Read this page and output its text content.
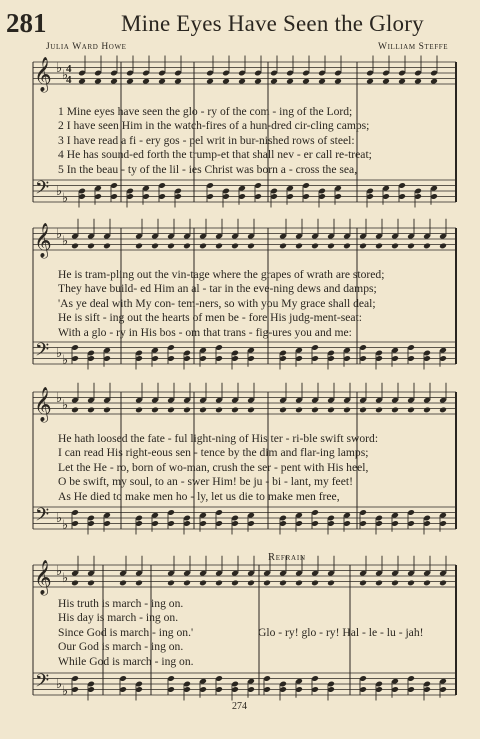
281	Mine Eyes Have Seen the Glory
Julia Ward Howe	William Steffe
𝄞
𝄢
♭ ♭
♭ ♭
4
4
𝄞
𝄢
♭ ♭
♭ ♭
𝄞
𝄢
♭ ♭
♭ ♭
𝄞
𝄢
♭ ♭
♭ ♭
1 Mine eyes have seen the glo - ry of the com - ing of the Lord;
2 I have seen Him in the watch-fires of a hun-dred cir-cling camps;
3 I have read a fi - ery gos - pel writ in bur-nished rows of steel:
4 He has sound-ed forth the trump-et that shall nev - er call re-treat;
5 In the beau - ty of the lil - ies Christ was born a - cross the sea,
He is tram-pling out the vin-tage where the grapes of wrath are stored;
They have build- ed Him an al - tar in the eve-ning dews and damps;
'As ye deal with My con- tem-ners, so with you My grace shall deal;
He is sift - ing out the hearts of men be - fore His judg-ment-seat:
With a glo - ry in His bos - om that trans - fig-ures you and me:
He hath loosed the fate - ful light-ning of His ter - ri-ble swift sword:
I can read His right-eous sen - tence by the dim and flar-ing lamps;
Let the He - ro, born of wo-man, crush the ser - pent with His heel,
O be swift, my soul, to an - swer Him! be ju - bi - lant, my feet!
As He died to make men ho - ly, let us die to make men free,
Refrain
His truth is march - ing on.
His day is march - ing on.
Since God is march - ing on.'
Our God is march - ing on.
While God is march - ing on.
Glo - ry! glo - ry! Hal - le - lu - jah!
274
